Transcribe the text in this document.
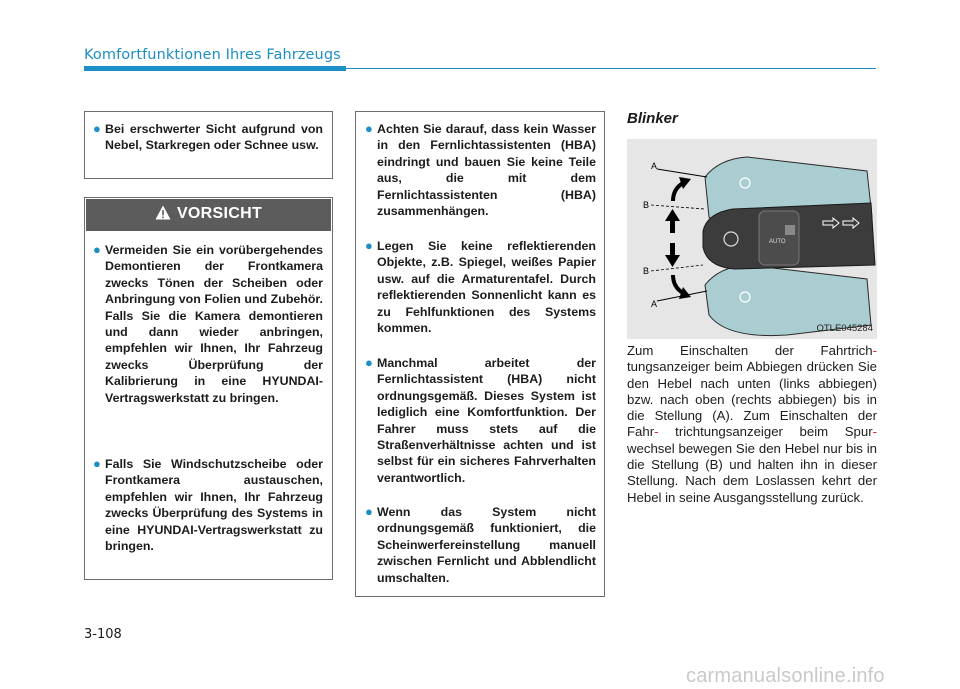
Komfortfunktionen Ihres Fahrzeugs
● Bei erschwerter Sicht aufgrund von Nebel, Starkregen oder Schnee usw.
VORSICHT
● Vermeiden Sie ein vorübergehendes Demontieren der Frontkamera zwecks Tönen der Scheiben oder Anbringung von Folien und Zubehör. Falls Sie die Kamera demontieren und dann wieder anbringen, empfehlen wir Ihnen, Ihr Fahrzeug zwecks Überprüfung der Kalibrierung in eine HYUNDAI-Vertragswerkstatt zu bringen.
● Falls Sie Windschutzscheibe oder Frontkamera austauschen, empfehlen wir Ihnen, Ihr Fahrzeug zwecks Überprüfung des Systems in eine HYUNDAI-Vertragswerkstatt zu bringen.
● Achten Sie darauf, dass kein Wasser in den Fernlichtassistenten (HBA) eindringt und bauen Sie keine Teile aus, die mit dem Fernlichtassistenten (HBA) zusammenhängen.
● Legen Sie keine reflektierenden Objekte, z.B. Spiegel, weißes Papier usw. auf die Armaturentafel. Durch reflektierenden Sonnenlicht kann es zu Fehlfunktionen des Systems kommen.
● Manchmal arbeitet der Fernlichtassistent (HBA) nicht ordnungsgemäß. Dieses System ist lediglich eine Komfortfunktion. Der Fahrer muss stets auf die Straßenverhältnisse achten und ist selbst für ein sicheres Fahrverhalten verantwortlich.
● Wenn das System nicht ordnungsgemäß funktioniert, die Scheinwerfereinstellung manuell zwischen Fernlicht und Abblendlicht umschalten.
Blinker
AUTO
A
B
B
A
OTLE045284
Zum Einschalten der Fahrtrich- tungsanzeiger beim Abbiegen drücken Sie den Hebel nach unten (links abbiegen) bzw. nach oben (rechts abbiegen) bis in die Stellung (A). Zum Einschalten der Fahr- trichtungsanzeiger beim Spur- wechsel bewegen Sie den Hebel nur bis in die Stellung (B) und halten ihn in dieser Stellung. Nach dem Loslassen kehrt der Hebel in seine Ausgangsstellung zurück.
3-108
carmanualsonline.info
